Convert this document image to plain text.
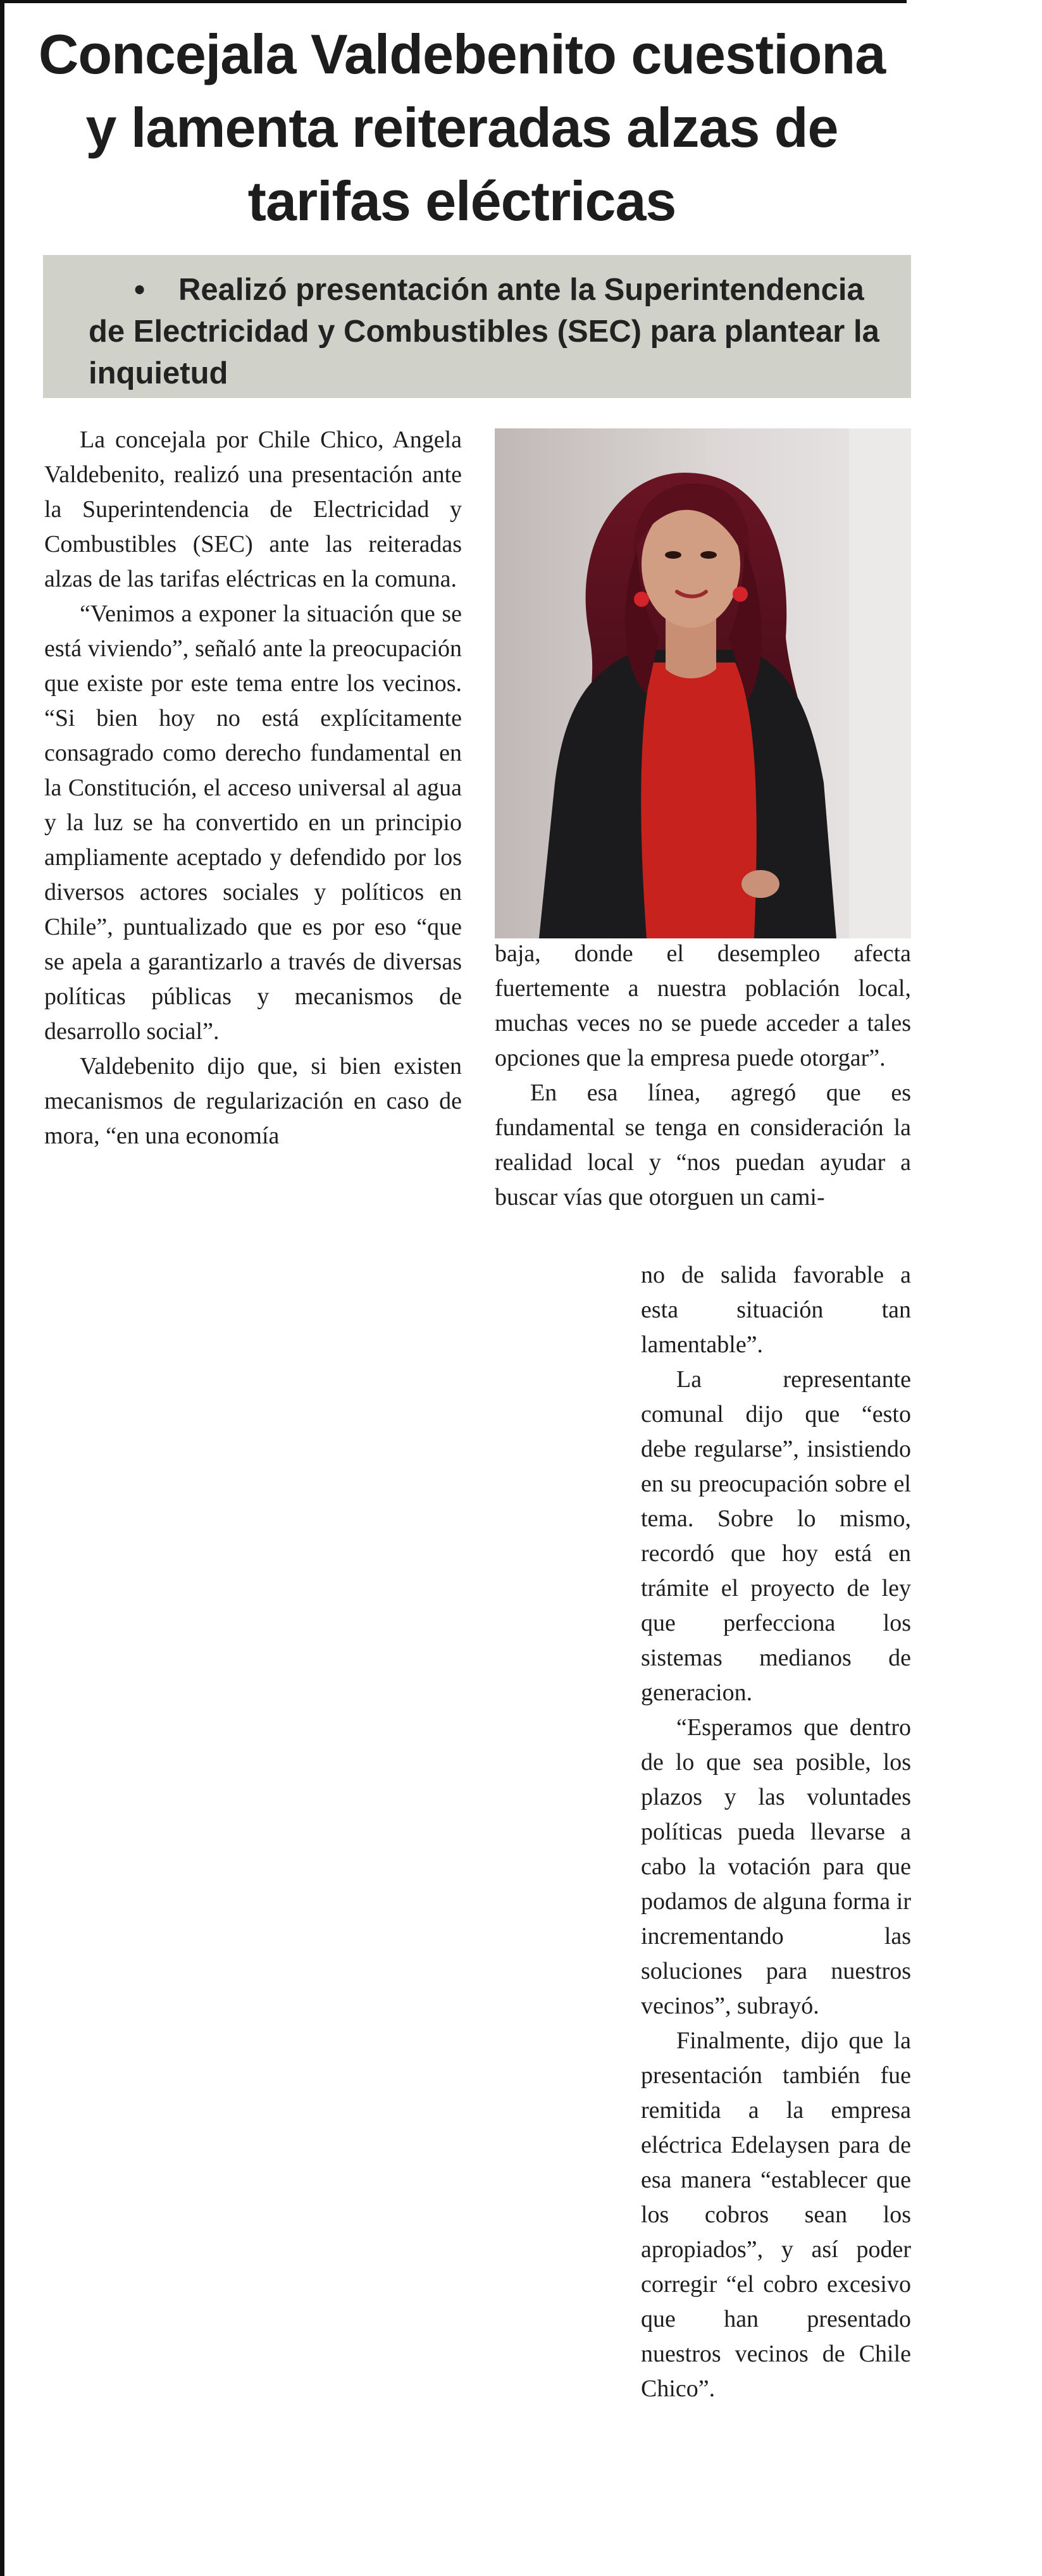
Concejala Valdebenito cuestiona y lamenta reiteradas alzas de tarifas eléctricas
• Realizó presentación ante la Superintendencia de Electricidad y Combustibles (SEC) para plantear la inquietud

La concejala por Chile Chico, Angela Valdebenito, realizó una presentación ante la Superintendencia de Electricidad y Combustibles (SEC) ante las reiteradas alzas de las tarifas eléctricas en la comuna.

“Venimos a exponer la situación que se está viviendo”, señaló ante la preocupación que existe por este tema entre los vecinos. “Si bien hoy no está explícitamente consagrado como derecho fundamental en la Constitución, el acceso universal al agua y la luz se ha convertido en un principio ampliamente aceptado y defendido por los diversos actores sociales y políticos en Chile”, puntualizado que es por eso “que se apela a garantizarlo a través de diversas políticas públicas y mecanismos de desarrollo social”.

Valdebenito dijo que, si bien existen mecanismos de regularización en caso de mora, “en una economía

baja, donde el desempleo afecta fuertemente a nuestra población local, muchas veces no se puede acceder a tales opciones que la empresa puede otorgar”.

En esa línea, agregó que es fundamental se tenga en consideración la realidad local y “nos puedan ayudar a buscar vías que otorguen un cami-

no de salida favorable a esta situación tan lamentable”.

La representante comunal dijo que “esto debe regularse”, insistiendo en su preocupación sobre el tema. Sobre lo mismo, recordó que hoy está en trámite el proyecto de ley que perfecciona los sistemas medianos de generacion.

“Esperamos que dentro de lo que sea posible, los plazos y las voluntades políticas pueda llevarse a cabo la votación para que podamos de alguna forma ir incrementando las soluciones para nuestros vecinos”, subrayó.

Finalmente, dijo que la presentación también fue remitida a la empresa eléctrica Edelaysen para de esa manera “establecer que los cobros sean los apropiados”, y así poder corregir “el cobro excesivo que han presentado nuestros vecinos de Chile Chico”.
